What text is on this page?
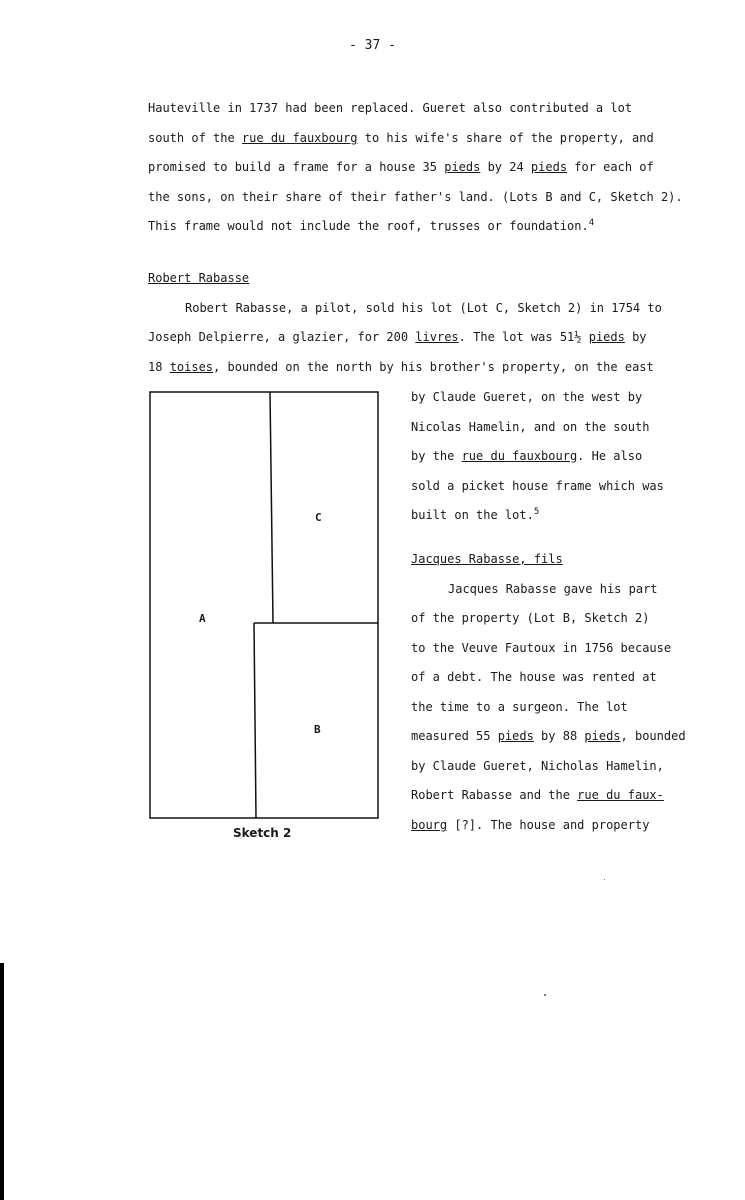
- 37 -
Hauteville in 1737 had been replaced. Gueret also contributed a lot
south of the rue du fauxbourg to his wife's share of the property, and
promised to build a frame for a house 35 pieds by 24 pieds for each of
the sons, on their share of their father's land. (Lots B and C, Sketch 2).
This frame would not include the roof, trusses or foundation.$^4$
Robert Rabasse
Robert Rabasse, a pilot, sold his lot (Lot C, Sketch 2) in 1754 to
Joseph Delpierre, a glazier, for 200 livres. The lot was 51½ pieds by
18 toises, bounded on the north by his brother's property, on the east
by Claude Gueret, on the west by
Nicolas Hamelin, and on the south
by the rue du fauxbourg. He also
sold a picket house frame which was
built on the lot.$^5$
Jacques Rabasse, fils
Jacques Rabasse gave his part
of the property (Lot B, Sketch 2)
to the Veuve Fautoux in 1756 because
of a debt. The house was rented at
the time to a surgeon. The lot
measured 55 pieds by 88 pieds, bounded
by Claude Gueret, Nicholas Hamelin,
Robert Rabasse and the rue du faux-
bourg [?]. The house and property
A
C
B
Sketch 2
